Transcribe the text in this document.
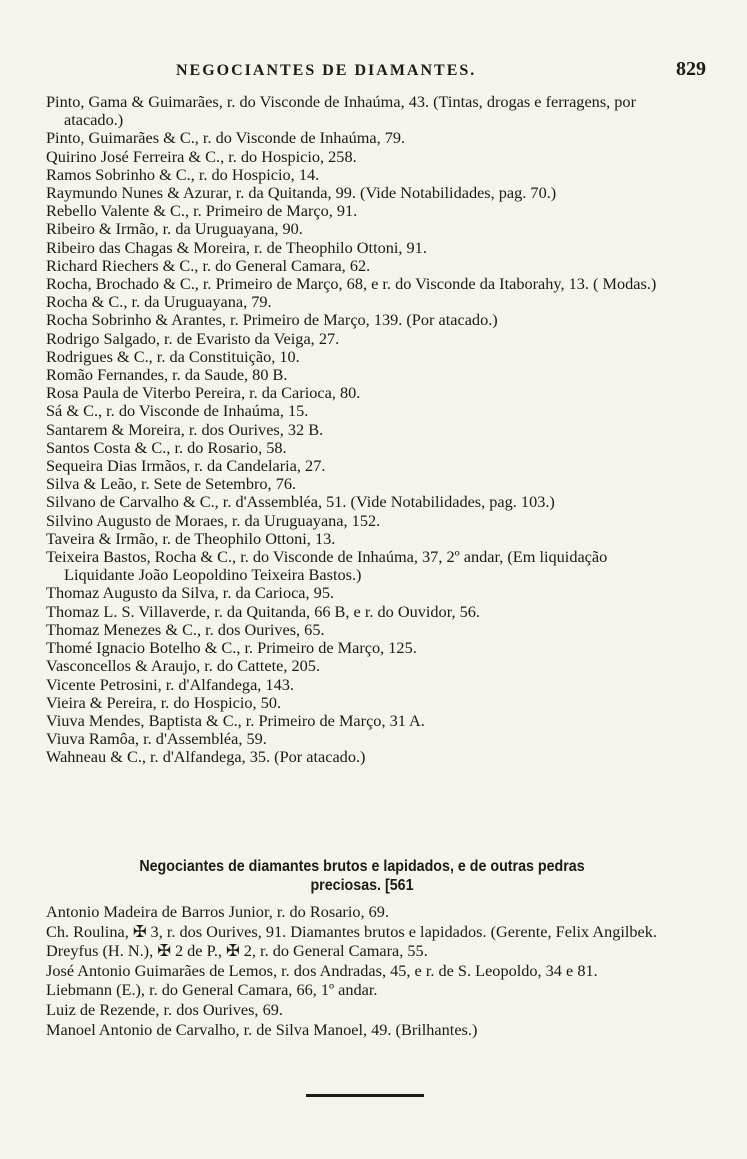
NEGOCIANTES DE DIAMANTES.	829

Pinto, Gama & Guimarães, r. do Visconde de Inhaúma, 43. (Tintas, drogas e ferragens, por atacado.)

Pinto, Guimarães & C., r. do Visconde de Inhaúma, 79.

Quirino José Ferreira & C., r. do Hospicio, 258.

Ramos Sobrinho & C., r. do Hospicio, 14.

Raymundo Nunes & Azurar, r. da Quitanda, 99. (Vide Notabilidades, pag. 70.)

Rebello Valente & C., r. Primeiro de Março, 91.

Ribeiro & Irmão, r. da Uruguayana, 90.

Ribeiro das Chagas & Moreira, r. de Theophilo Ottoni, 91.

Richard Riechers & C., r. do General Camara, 62.

Rocha, Brochado & C., r. Primeiro de Março, 68, e r. do Visconde da Itaborahy, 13. ( Modas.)

Rocha & C., r. da Uruguayana, 79.

Rocha Sobrinho & Arantes, r. Primeiro de Março, 139. (Por atacado.)

Rodrigo Salgado, r. de Evaristo da Veiga, 27.

Rodrigues & C., r. da Constituição, 10.

Romão Fernandes, r. da Saude, 80 B.

Rosa Paula de Viterbo Pereira, r. da Carioca, 80.

Sá & C., r. do Visconde de Inhaúma, 15.

Santarem & Moreira, r. dos Ourives, 32 B.

Santos Costa & C., r. do Rosario, 58.

Sequeira Dias Irmãos, r. da Candelaria, 27.

Silva & Leão, r. Sete de Setembro, 76.

Silvano de Carvalho & C., r. d'Assembléa, 51. (Vide Notabilidades, pag. 103.)

Silvino Augusto de Moraes, r. da Uruguayana, 152.

Taveira & Irmão, r. de Theophilo Ottoni, 13.

Teixeira Bastos, Rocha & C., r. do Visconde de Inhaúma, 37, 2º andar, (Em liquidação Liquidante João Leopoldino Teixeira Bastos.)

Thomaz Augusto da Silva, r. da Carioca, 95.

Thomaz L. S. Villaverde, r. da Quitanda, 66 B, e r. do Ouvidor, 56.

Thomaz Menezes & C., r. dos Ourives, 65.

Thomé Ignacio Botelho & C., r. Primeiro de Março, 125.

Vasconcellos & Araujo, r. do Cattete, 205.

Vicente Petrosini, r. d'Alfandega, 143.

Vieira & Pereira, r. do Hospicio, 50.

Viuva Mendes, Baptista & C., r. Primeiro de Março, 31 A.

Viuva Ramôa, r. d'Assembléa, 59.

Wahneau & C., r. d'Alfandega, 35. (Por atacado.)

Negociantes de diamantes brutos e lapidados, e de outras pedras
preciosas. [561

Antonio Madeira de Barros Junior, r. do Rosario, 69.

Ch. Roulina, ✠ 3, r. dos Ourives, 91. Diamantes brutos e lapidados. (Gerente, Felix Angilbek.

Dreyfus (H. N.), ✠ 2 de P., ✠ 2, r. do General Camara, 55.

José Antonio Guimarães de Lemos, r. dos Andradas, 45, e r. de S. Leopoldo, 34 e 81.

Liebmann (E.), r. do General Camara, 66, 1º andar.

Luiz de Rezende, r. dos Ourives, 69.

Manoel Antonio de Carvalho, r. de Silva Manoel, 49. (Brilhantes.)
